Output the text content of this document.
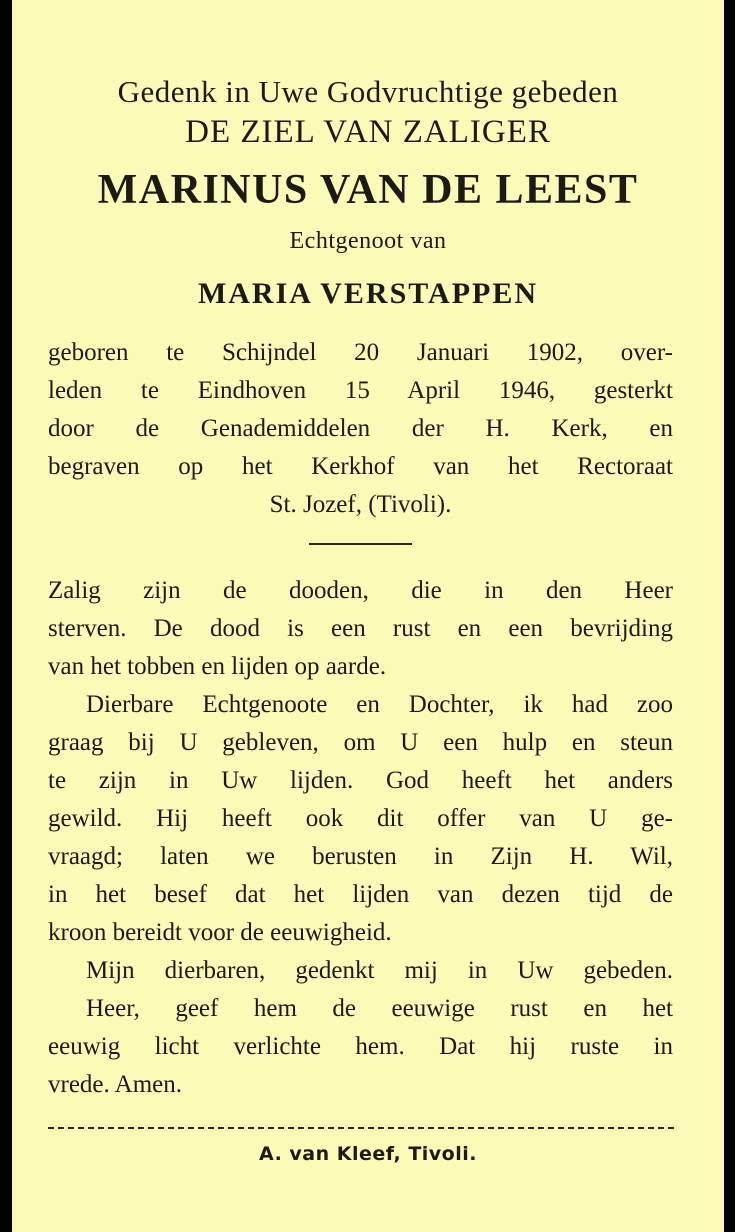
Gedenk in Uwe Godvruchtige gebeden
DE ZIEL VAN ZALIGER
MARINUS VAN DE LEEST
Echtgenoot van
MARIA VERSTAPPEN
geboren te Schijndel 20 Januari 1902, over-
leden te Eindhoven 15 April 1946, gesterkt
door de Genademiddelen der H. Kerk, en
begraven op het Kerkhof van het Rectoraat
St. Jozef, (Tivoli).
Zalig zijn de dooden, die in den Heer
sterven. De dood is een rust en een bevrijding
van het tobben en lijden op aarde.
Dierbare Echtgenoote en Dochter, ik had zoo
graag bij U gebleven, om U een hulp en steun
te zijn in Uw lijden. God heeft het anders
gewild. Hij heeft ook dit offer van U ge-
vraagd; laten we berusten in Zijn H. Wil,
in het besef dat het lijden van dezen tijd de
kroon bereidt voor de eeuwigheid.
Mijn dierbaren, gedenkt mij in Uw gebeden.
Heer, geef hem de eeuwige rust en het
eeuwig licht verlichte hem. Dat hij ruste in
vrede. Amen.
A. van Kleef, Tivoli.
